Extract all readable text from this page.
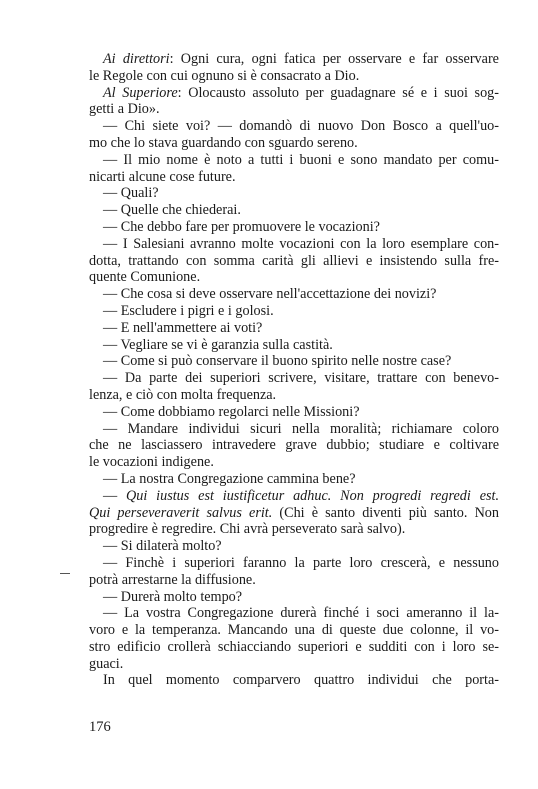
Ai direttori: Ogni cura, ogni fatica per osservare e far osservare
le Regole con cui ognuno si è consacrato a Dio.
Al Superiore: Olocausto assoluto per guadagnare sé e i suoi sog-
getti a Dio».
— Chi siete voi? — domandò di nuovo Don Bosco a quell'uo-
mo che lo stava guardando con sguardo sereno.
— Il mio nome è noto a tutti i buoni e sono mandato per comu-
nicarti alcune cose future.
— Quali?
— Quelle che chiederai.
— Che debbo fare per promuovere le vocazioni?
— I Salesiani avranno molte vocazioni con la loro esemplare con-
dotta, trattando con somma carità gli allievi e insistendo sulla fre-
quente Comunione.
— Che cosa si deve osservare nell'accettazione dei novizi?
— Escludere i pigri e i golosi.
— E nell'ammettere ai voti?
— Vegliare se vi è garanzia sulla castità.
— Come si può conservare il buono spirito nelle nostre case?
— Da parte dei superiori scrivere, visitare, trattare con benevo-
lenza, e ciò con molta frequenza.
— Come dobbiamo regolarci nelle Missioni?
— Mandare individui sicuri nella moralità; richiamare coloro
che ne lasciassero intravedere grave dubbio; studiare e coltivare
le vocazioni indigene.
— La nostra Congregazione cammina bene?
— Qui iustus est iustificetur adhuc. Non progredi regredi est.
Qui perseveraverit salvus erit. (Chi è santo diventi più santo. Non
progredire è regredire. Chi avrà perseverato sarà salvo).
— Si dilaterà molto?
— Finchè i superiori faranno la parte loro crescerà, e nessuno
potrà arrestarne la diffusione.
— Durerà molto tempo?
— La vostra Congregazione durerà finché i soci ameranno il la-
voro e la temperanza. Mancando una di queste due colonne, il vo-
stro edificio crollerà schiacciando superiori e sudditi con i loro se-
guaci.
In quel momento comparvero quattro individui che porta-
176
